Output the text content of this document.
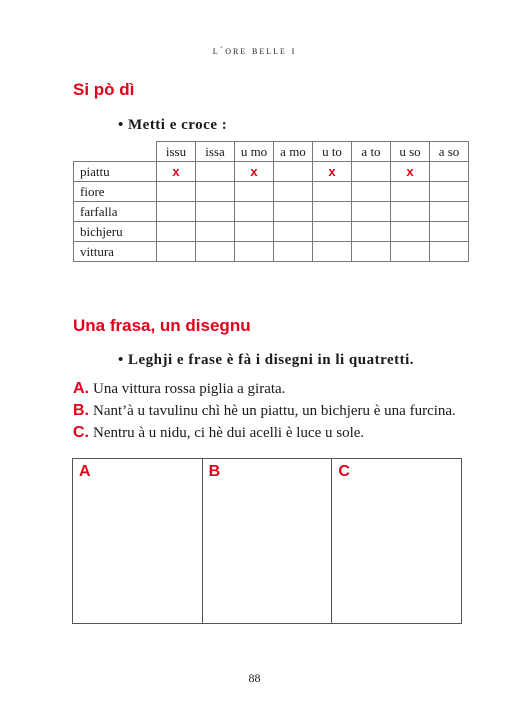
l´ore belle i
Si pò dì
• Metti e croce :
	issu	issa	u mo	a mo	u to	a to	u so	a so
piattu	x		x		x		x	
fiore								
farfalla								
bichjeru								
vittura								
Una frasa, un disegnu
• Leghji e frase è fà i disegni in li quatretti.
A. Una vittura rossa piglia a girata.
B. Nant’à u tavulinu chì hè un piattu, un bichjeru è una furcina.
C. Nentru à u nidu, ci hè dui acelli è luce u sole.
A	B	C
88
